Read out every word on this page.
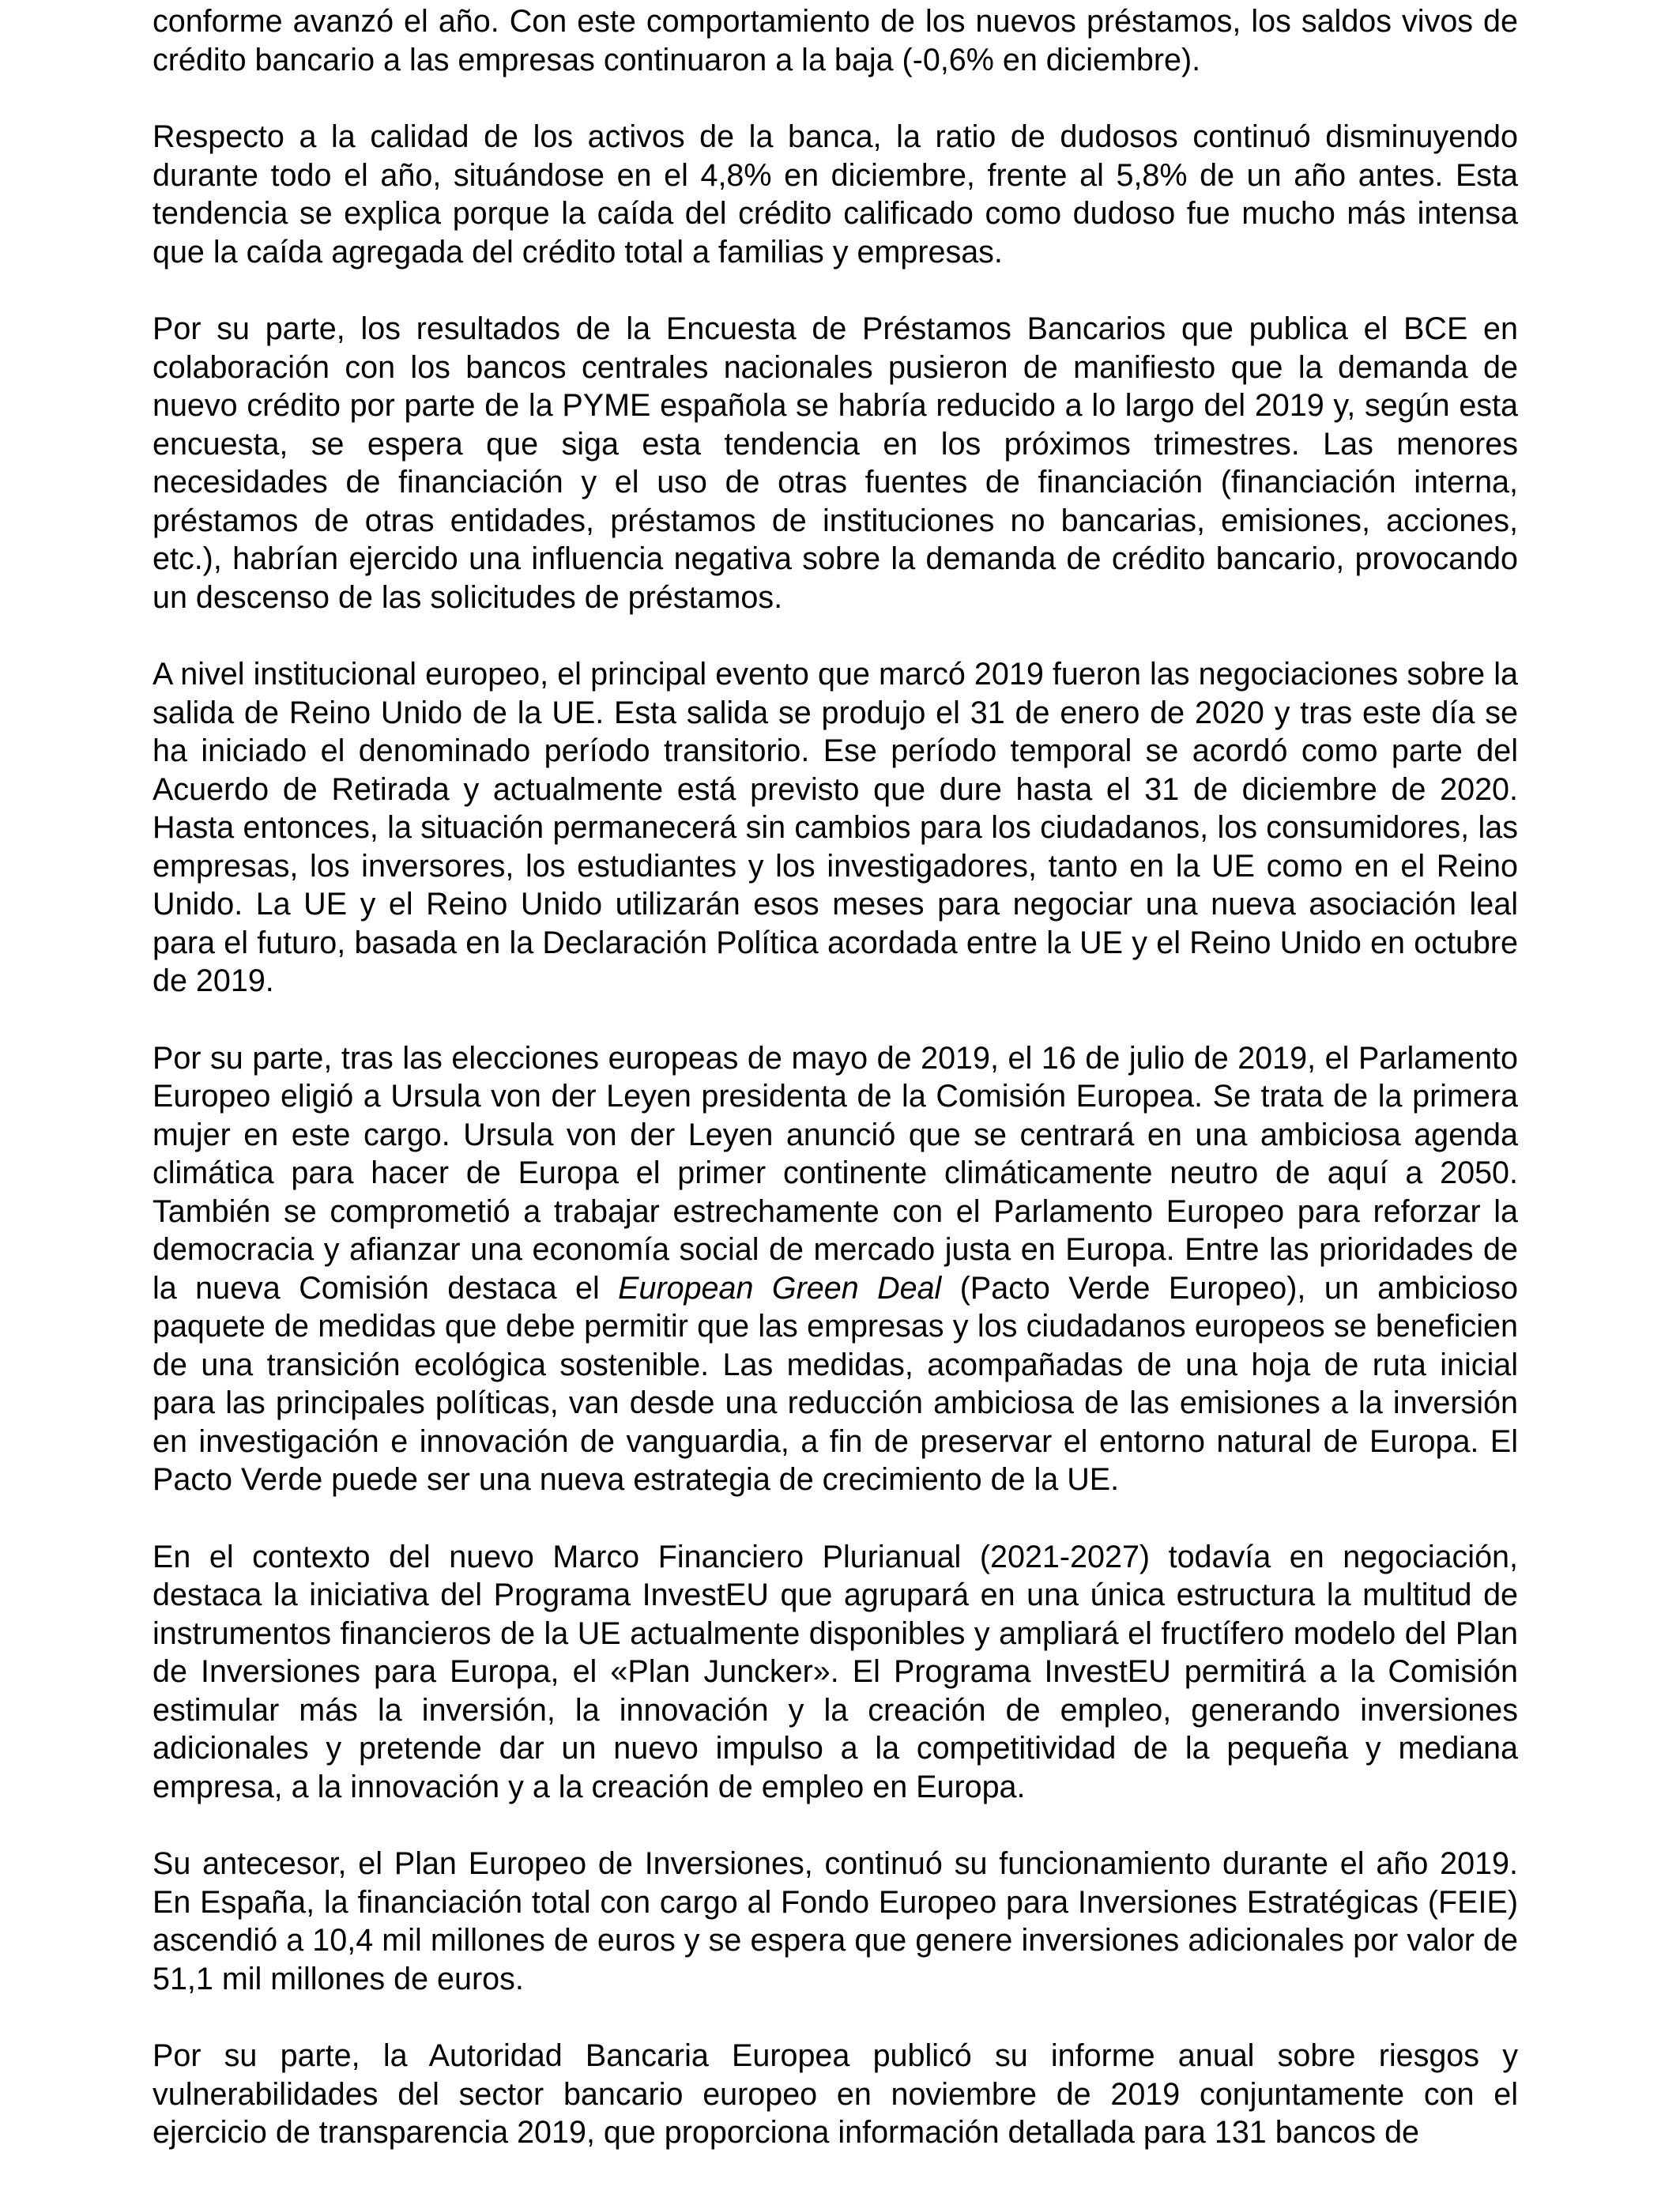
conforme avanzó el año. Con este comportamiento de los nuevos préstamos, los saldos vivos de crédito bancario a las empresas continuaron a la baja (-0,6% en diciembre).

Respecto a la calidad de los activos de la banca, la ratio de dudosos continuó disminuyendo durante todo el año, situándose en el 4,8% en diciembre, frente al 5,8% de un año antes. Esta tendencia se explica porque la caída del crédito calificado como dudoso fue mucho más intensa que la caída agregada del crédito total a familias y empresas.

Por su parte, los resultados de la Encuesta de Préstamos Bancarios que publica el BCE en colaboración con los bancos centrales nacionales pusieron de manifiesto que la demanda de nuevo crédito por parte de la PYME española se habría reducido a lo largo del 2019 y, según esta encuesta, se espera que siga esta tendencia en los próximos trimestres. Las menores necesidades de financiación y el uso de otras fuentes de financiación (financiación interna, préstamos de otras entidades, préstamos de instituciones no bancarias, emisiones, acciones, etc.), habrían ejercido una influencia negativa sobre la demanda de crédito bancario, provocando un descenso de las solicitudes de préstamos.

A nivel institucional europeo, el principal evento que marcó 2019 fueron las negociaciones sobre la salida de Reino Unido de la UE. Esta salida se produjo el 31 de enero de 2020 y tras este día se ha iniciado el denominado período transitorio. Ese período temporal se acordó como parte del Acuerdo de Retirada y actualmente está previsto que dure hasta el 31 de diciembre de 2020. Hasta entonces, la situación permanecerá sin cambios para los ciudadanos, los consumidores, las empresas, los inversores, los estudiantes y los investigadores, tanto en la UE como en el Reino Unido. La UE y el Reino Unido utilizarán esos meses para negociar una nueva asociación leal para el futuro, basada en la Declaración Política acordada entre la UE y el Reino Unido en octubre de 2019.

Por su parte, tras las elecciones europeas de mayo de 2019, el 16 de julio de 2019, el Parlamento Europeo eligió a Ursula von der Leyen presidenta de la Comisión Europea. Se trata de la primera mujer en este cargo. Ursula von der Leyen anunció que se centrará en una ambiciosa agenda climática para hacer de Europa el primer continente climáticamente neutro de aquí a 2050. También se comprometió a trabajar estrechamente con el Parlamento Europeo para reforzar la democracia y afianzar una economía social de mercado justa en Europa. Entre las prioridades de la nueva Comisión destaca el European Green Deal (Pacto Verde Europeo), un ambicioso paquete de medidas que debe permitir que las empresas y los ciudadanos europeos se beneficien de una transición ecológica sostenible. Las medidas, acompañadas de una hoja de ruta inicial para las principales políticas, van desde una reducción ambiciosa de las emisiones a la inversión en investigación e innovación de vanguardia, a fin de preservar el entorno natural de Europa. El Pacto Verde puede ser una nueva estrategia de crecimiento de la UE.

En el contexto del nuevo Marco Financiero Plurianual (2021-2027) todavía en negociación, destaca la iniciativa del Programa InvestEU que agrupará en una única estructura la multitud de instrumentos financieros de la UE actualmente disponibles y ampliará el fructífero modelo del Plan de Inversiones para Europa, el «Plan Juncker». El Programa InvestEU permitirá a la Comisión estimular más la inversión, la innovación y la creación de empleo, generando inversiones adicionales y pretende dar un nuevo impulso a la competitividad de la pequeña y mediana empresa, a la innovación y a la creación de empleo en Europa.

Su antecesor, el Plan Europeo de Inversiones, continuó su funcionamiento durante el año 2019. En España, la financiación total con cargo al Fondo Europeo para Inversiones Estratégicas (FEIE) ascendió a 10,4 mil millones de euros y se espera que genere inversiones adicionales por valor de 51,1 mil millones de euros.

Por su parte, la Autoridad Bancaria Europea publicó su informe anual sobre riesgos y vulnerabilidades del sector bancario europeo en noviembre de 2019 conjuntamente con el ejercicio de transparencia 2019, que proporciona información detallada para 131 bancos de
